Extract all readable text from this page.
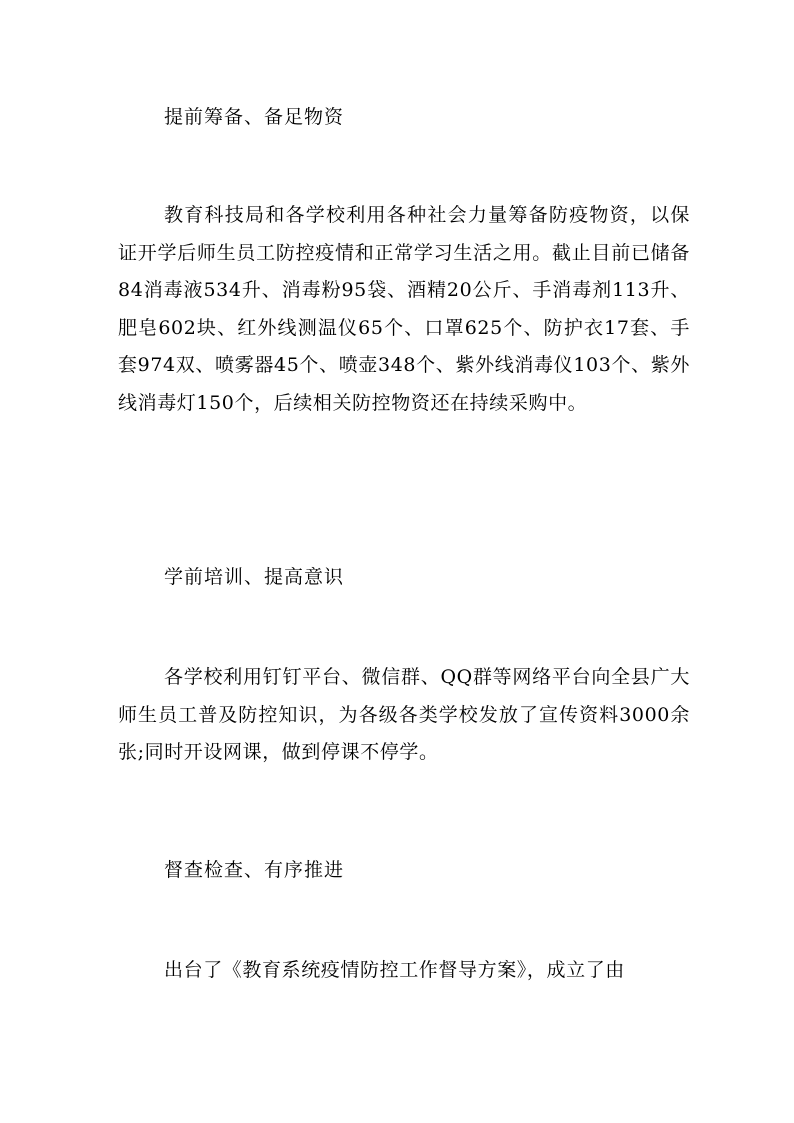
提前筹备、备足物资
教育科技局和各学校利用各种社会力量筹备防疫物资，以保证开学后师生员工防控疫情和正常学习生活之用。截止目前已储备84消毒液534升、消毒粉95袋、酒精20公斤、手消毒剂113升、肥皂602块、红外线测温仪65个、口罩625个、防护衣17套、手套974双、喷雾器45个、喷壶348个、紫外线消毒仪103个、紫外线消毒灯150个，后续相关防控物资还在持续采购中。
学前培训、提高意识
各学校利用钉钉平台、微信群、QQ群等网络平台向全县广大师生员工普及防控知识，为各级各类学校发放了宣传资料3000余张;同时开设网课，做到停课不停学。
督查检查、有序推进
出台了《教育系统疫情防控工作督导方案》，成立了由
